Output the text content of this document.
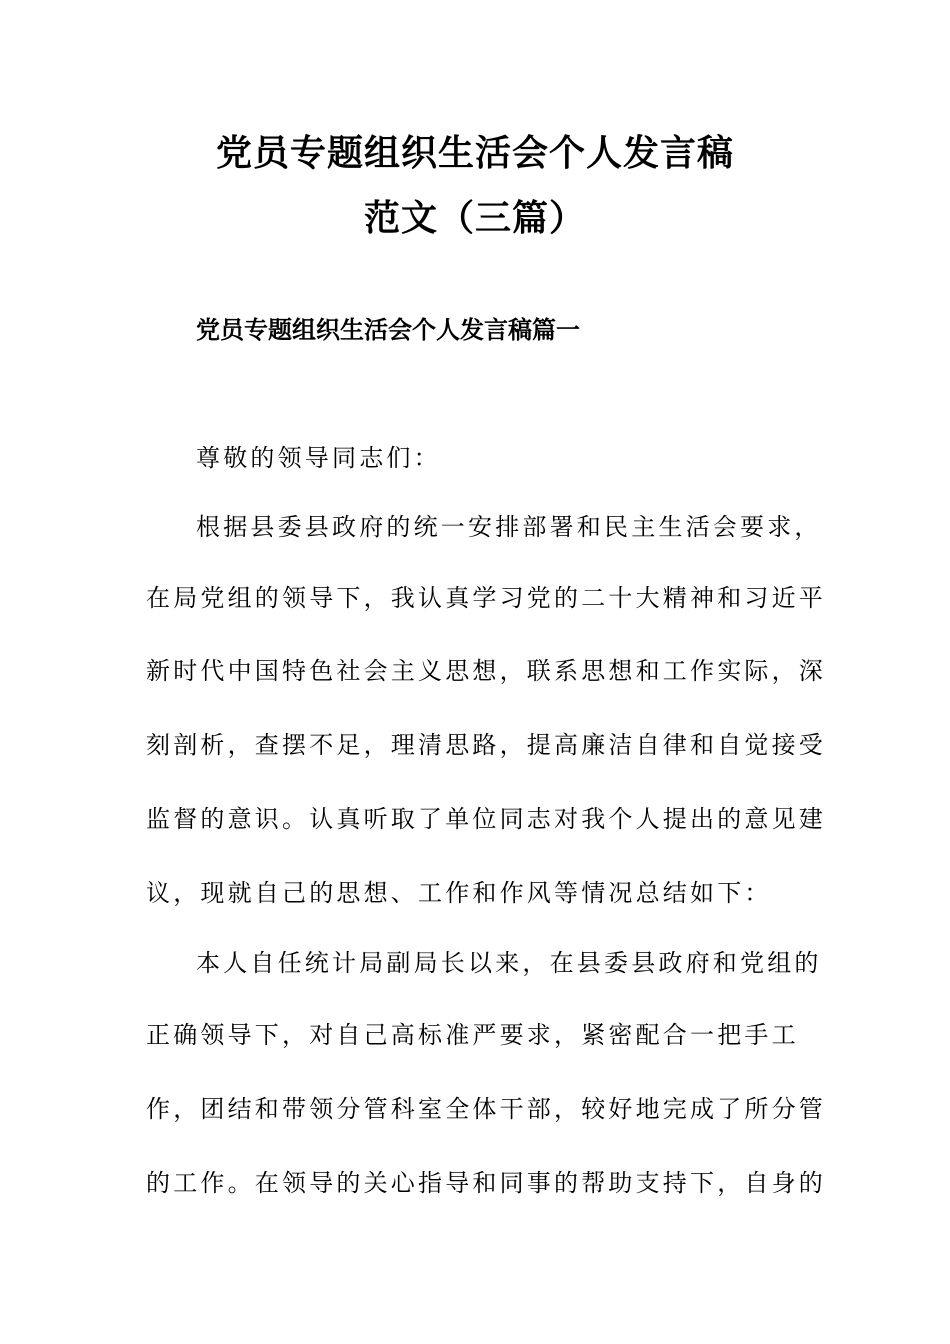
党员专题组织生活会个人发言稿
范文（三篇）
党员专题组织生活会个人发言稿篇一
尊敬的领导同志们：
根据县委县政府的统一安排部署和民主生活会要求，
在局党组的领导下，我认真学习党的二十大精神和习近平
新时代中国特色社会主义思想，联系思想和工作实际，深
刻剖析，查摆不足，理清思路，提高廉洁自律和自觉接受
监督的意识。认真听取了单位同志对我个人提出的意见建
议，现就自己的思想、工作和作风等情况总结如下：
本人自任统计局副局长以来，在县委县政府和党组的
正确领导下，对自己高标准严要求，紧密配合一把手工
作，团结和带领分管科室全体干部，较好地完成了所分管
的工作。在领导的关心指导和同事的帮助支持下，自身的
